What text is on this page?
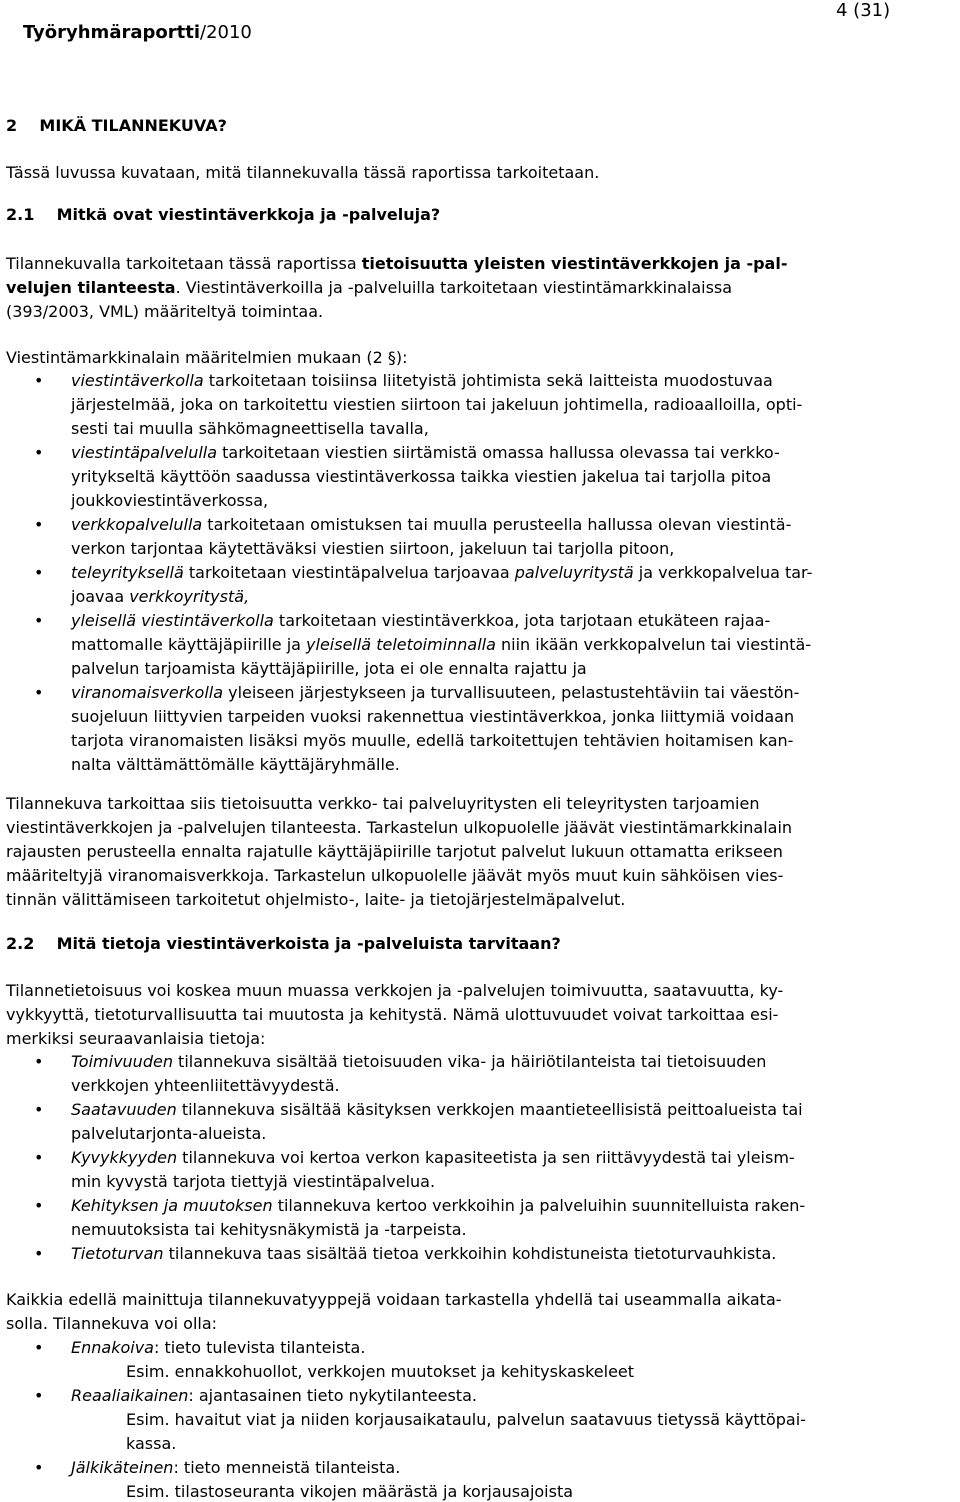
Työryhmäraportti/2010

4 (31)
2    MIKÄ TILANNEKUVA?
Tässä luvussa kuvataan, mitä tilannekuvalla tässä raportissa tarkoitetaan.
2.1    Mitkä ovat viestintäverkkoja ja -palveluja?
Tilannekuvalla tarkoitetaan tässä raportissa tietoisuutta yleisten viestintäverkkojen ja -pal-
velujen tilanteesta. Viestintäverkoilla ja -palveluilla tarkoitetaan viestintämarkkinalaissa
(393/2003, VML) määriteltyä toimintaa.
Viestintämarkkinalain määritelmien mukaan (2 §):
• viestintäverkolla tarkoitetaan toisiinsa liitetyistä johtimista sekä laitteista muodostuvaa
järjestelmää, joka on tarkoitettu viestien siirtoon tai jakeluun johtimella, radioaalloilla, opti-
sesti tai muulla sähkömagneettisella tavalla,
• viestintäpalvelulla tarkoitetaan viestien siirtämistä omassa hallussa olevassa tai verkko-
yritykseltä käyttöön saadussa viestintäverkossa taikka viestien jakelua tai tarjolla pitoa
joukkoviestintäverkossa,
• verkkopalvelulla tarkoitetaan omistuksen tai muulla perusteella hallussa olevan viestintä-
verkon tarjontaa käytettäväksi viestien siirtoon, jakeluun tai tarjolla pitoon,
• teleyrityksellä tarkoitetaan viestintäpalvelua tarjoavaa palveluyritystä ja verkkopalvelua tar-
joavaa verkkoyritystä,
• yleisellä viestintäverkolla tarkoitetaan viestintäverkkoa, jota tarjotaan etukäteen rajaa-
mattomalle käyttäjäpiirille ja yleisellä teletoiminnalla niin ikään verkkopalvelun tai viestintä-
palvelun tarjoamista käyttäjäpiirille, jota ei ole ennalta rajattu ja
• viranomaisverkolla yleiseen järjestykseen ja turvallisuuteen, pelastustehtäviin tai väestön-
suojeluun liittyvien tarpeiden vuoksi rakennettua viestintäverkkoa, jonka liittymiä voidaan
tarjota viranomaisten lisäksi myös muulle, edellä tarkoitettujen tehtävien hoitamisen kan-
nalta välttämättömälle käyttäjäryhmälle.
Tilannekuva tarkoittaa siis tietoisuutta verkko- tai palveluyritysten eli teleyritysten tarjoamien
viestintäverkkojen ja -palvelujen tilanteesta. Tarkastelun ulkopuolelle jäävät viestintämarkkinalain
rajausten perusteella ennalta rajatulle käyttäjäpiirille tarjotut palvelut lukuun ottamatta erikseen
määriteltyjä viranomaisverkkoja. Tarkastelun ulkopuolelle jäävät myös muut kuin sähköisen vies-
tinnän välittämiseen tarkoitetut ohjelmisto-, laite- ja tietojärjestelmäpalvelut.
2.2    Mitä tietoja viestintäverkoista ja -palveluista tarvitaan?
Tilannetietoisuus voi koskea muun muassa verkkojen ja -palvelujen toimivuutta, saatavuutta, ky-
vykkyyttä, tietoturvallisuutta tai muutosta ja kehitystä. Nämä ulottuvuudet voivat tarkoittaa esi-
merkiksi seuraavanlaisia tietoja:
• Toimivuuden tilannekuva sisältää tietoisuuden vika- ja häiriötilanteista tai tietoisuuden
verkkojen yhteenliitettävyydestä.
• Saatavuuden tilannekuva sisältää käsityksen verkkojen maantieteellisistä peittoalueista tai
palvelutarjonta-alueista.
• Kyvykkyyden tilannekuva voi kertoa verkon kapasiteetista ja sen riittävyydestä tai yleism-
min kyvystä tarjota tiettyjä viestintäpalvelua.
• Kehityksen ja muutoksen tilannekuva kertoo verkkoihin ja palveluihin suunnitelluista raken-
nemuutoksista tai kehitysnäkymistä ja -tarpeista.
• Tietoturvan tilannekuva taas sisältää tietoa verkkoihin kohdistuneista tietoturvauhkista.
Kaikkia edellä mainittuja tilannekuvatyyppejä voidaan tarkastella yhdellä tai useammalla aikata-
solla. Tilannekuva voi olla:
• Ennakoiva: tieto tulevista tilanteista.
Esim. ennakkohuollot, verkkojen muutokset ja kehityskaskeleet
• Reaaliaikainen: ajantasainen tieto nykytilanteesta.
Esim. havaitut viat ja niiden korjausaikataulu, palvelun saatavuus tietyssä käyttöpai-
kassa.
• Jälkikäteinen: tieto menneistä tilanteista.
Esim. tilastoseuranta vikojen määrästä ja korjausajoista
